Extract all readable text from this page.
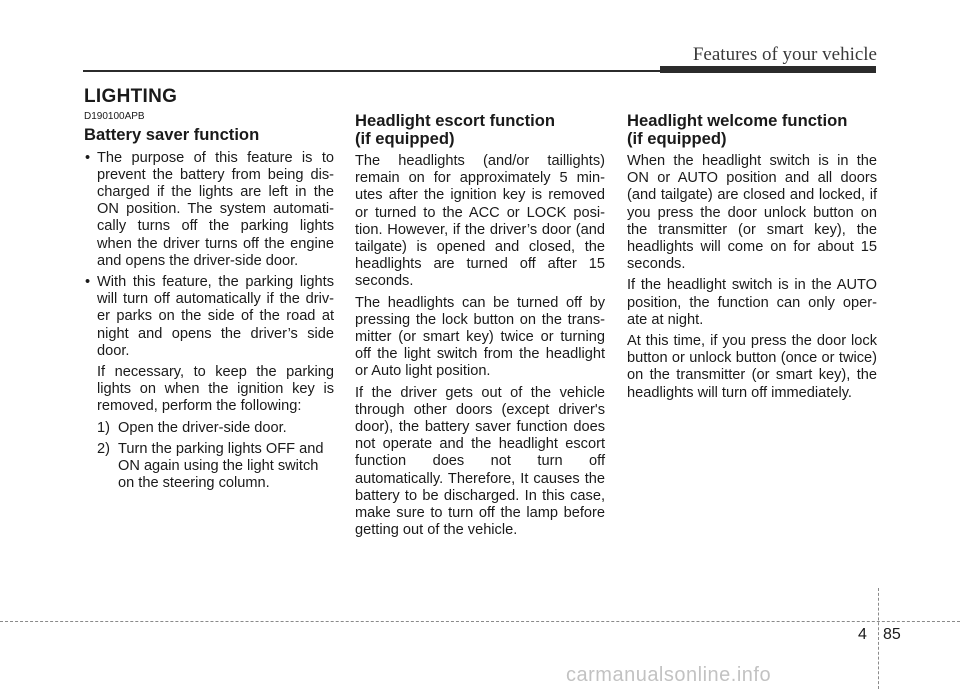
Features of your vehicle
LIGHTING
D190100APB
Battery saver function
• The purpose of this feature is to prevent the battery from being dis-charged if the lights are left in the ON position. The system automati-cally turns off the parking lights when the driver turns off the engine and opens the driver-side door.
• With this feature, the parking lights will turn off automatically if the driv-er parks on the side of the road at night and opens the driver’s side door.

If necessary, to keep the parking lights on when the ignition key is removed, perform the following:

1) Open the driver-side door.
2) Turn the parking lights OFF and ON again using the light switch on the steering column.
Headlight escort function
(if equipped)

The headlights (and/or taillights) remain on for approximately 5 min-utes after the ignition key is removed or turned to the ACC or LOCK posi-tion. However, if the driver’s door (and tailgate) is opened and closed, the headlights are turned off after 15 seconds.

The headlights can be turned off by pressing the lock button on the trans-mitter (or smart key) twice or turning off the light switch from the headlight or Auto light position.

If the driver gets out of the vehicle through other doors (except driver's door), the battery saver function does not operate and the headlight escort function does not turn off automatically. Therefore, It causes the battery to be discharged. In this case, make sure to turn off the lamp before getting out of the vehicle.

Headlight welcome function
(if equipped)

When the headlight switch is in the ON or AUTO position and all doors (and tailgate) are closed and locked, if you press the door unlock button on the transmitter (or smart key), the headlights will come on for about 15 seconds.

If the headlight switch is in the AUTO position, the function can only oper-ate at night.

At this time, if you press the door lock button or unlock button (once or twice) on the transmitter (or smart key), the headlights will turn off immediately.

4 85
carmanualsonline.info
